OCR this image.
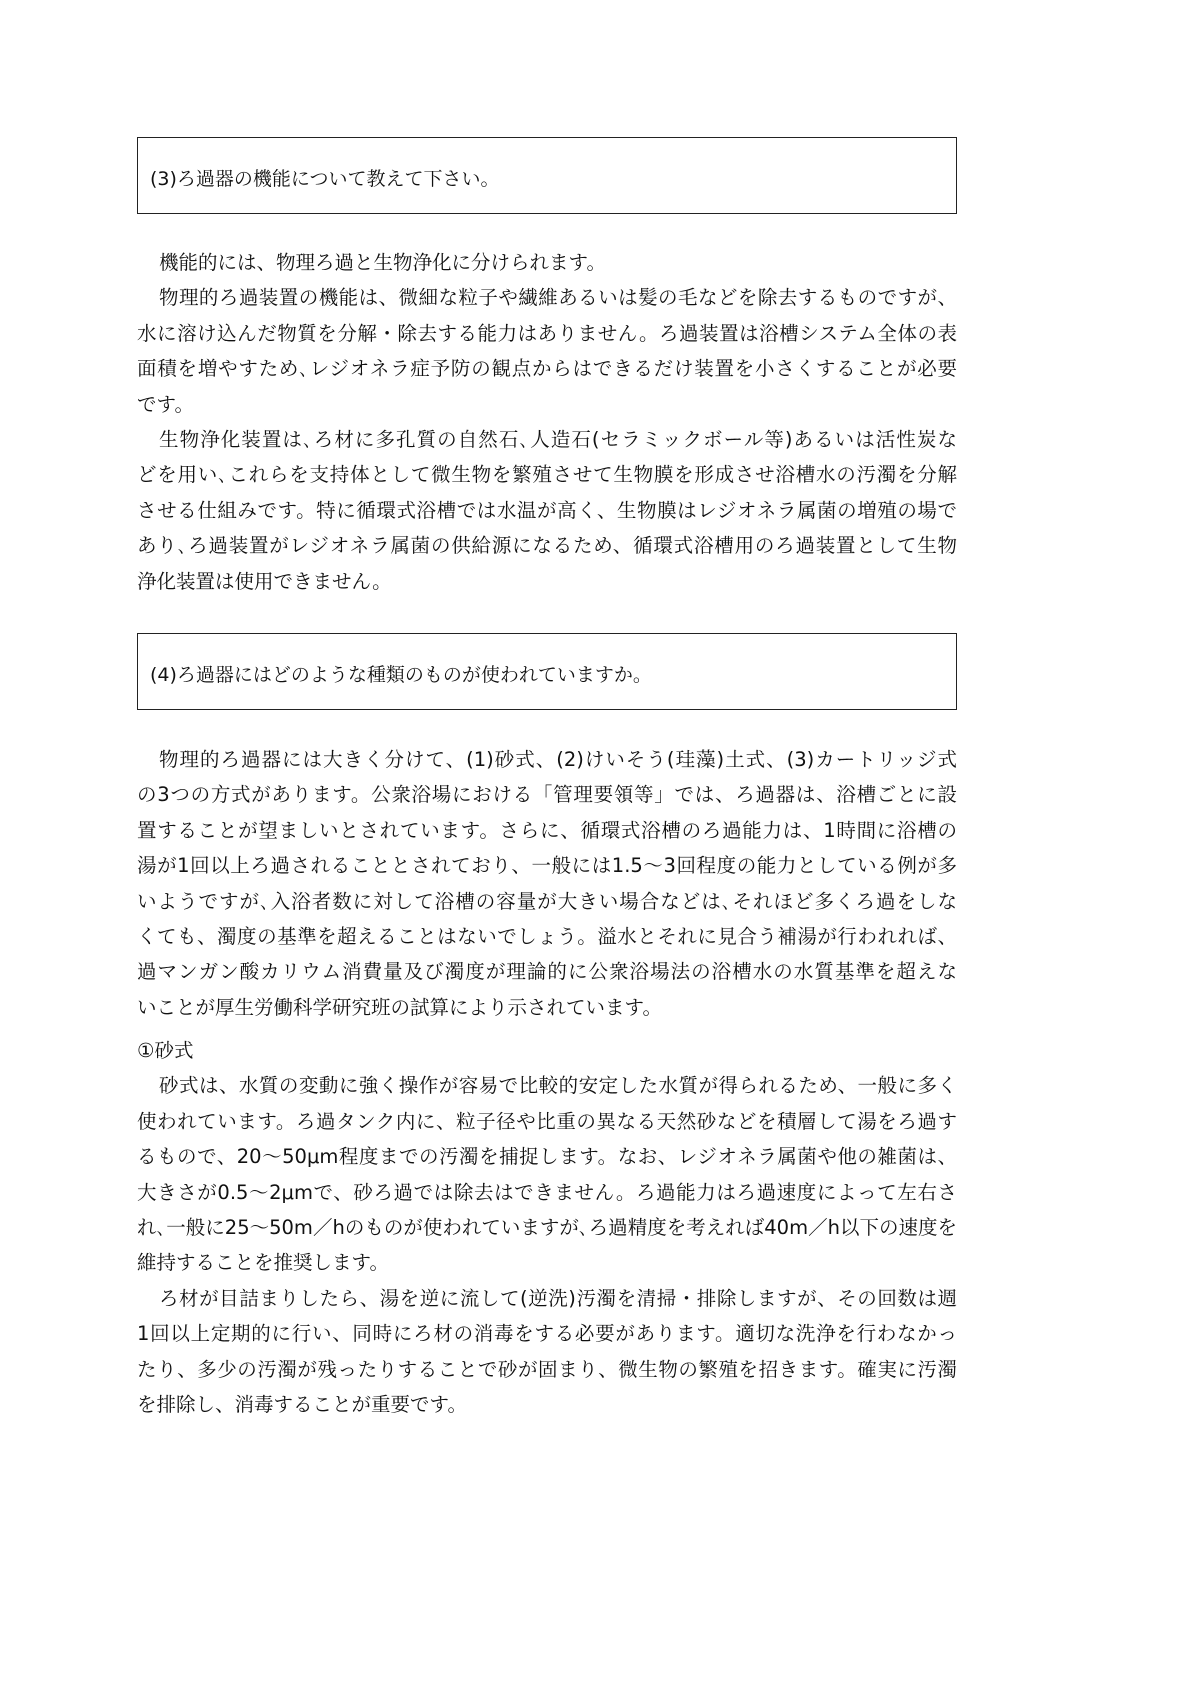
(3)ろ過器の機能について教えて下さい。
機能的には、物理ろ過と生物浄化に分けられます。
物理的ろ過装置の機能は、微細な粒子や繊維あるいは髪の毛などを除去するものですが、
水に溶け込んだ物質を分解・除去する能力はありません。ろ過装置は浴槽システム全体の表
面積を増やすため､レジオネラ症予防の観点からはできるだけ装置を小さくすることが必要
です。
生物浄化装置は､ろ材に多孔質の自然石､人造石(セラミックボール等)あるいは活性炭な
どを用い､これらを支持体として微生物を繁殖させて生物膜を形成させ浴槽水の汚濁を分解
させる仕組みです。特に循環式浴槽では水温が高く、生物膜はレジオネラ属菌の増殖の場で
あり､ろ過装置がレジオネラ属菌の供給源になるため、循環式浴槽用のろ過装置として生物
浄化装置は使用できません。
(4)ろ過器にはどのような種類のものが使われていますか。
物理的ろ過器には大きく分けて、(1)砂式、(2)けいそう(珪藻)土式、(3)カートリッジ式
の3つの方式があります。公衆浴場における「管理要領等」では、ろ過器は、浴槽ごとに設
置することが望ましいとされています。さらに、循環式浴槽のろ過能力は、1時間に浴槽の
湯が1回以上ろ過されることとされており、一般には1.5～3回程度の能力としている例が多
いようですが､入浴者数に対して浴槽の容量が大きい場合などは､それほど多くろ過をしな
くても、濁度の基準を超えることはないでしょう。溢水とそれに見合う補湯が行われれば、
過マンガン酸カリウム消費量及び濁度が理論的に公衆浴場法の浴槽水の水質基準を超えな
いことが厚生労働科学研究班の試算により示されています。
①砂式
砂式は、水質の変動に強く操作が容易で比較的安定した水質が得られるため、一般に多く
使われています。ろ過タンク内に、粒子径や比重の異なる天然砂などを積層して湯をろ過す
るもので、20～50μm程度までの汚濁を捕捉します。なお、レジオネラ属菌や他の雑菌は、
大きさが0.5～2μmで、砂ろ過では除去はできません。ろ過能力はろ過速度によって左右さ
れ､一般に25～50m／hのものが使われていますが､ろ過精度を考えれば40m／h以下の速度を
維持することを推奨します。
ろ材が目詰まりしたら、湯を逆に流して(逆洗)汚濁を清掃・排除しますが、その回数は週
1回以上定期的に行い、同時にろ材の消毒をする必要があります。適切な洗浄を行わなかっ
たり、多少の汚濁が残ったりすることで砂が固まり、微生物の繁殖を招きます。確実に汚濁
を排除し、消毒することが重要です。
